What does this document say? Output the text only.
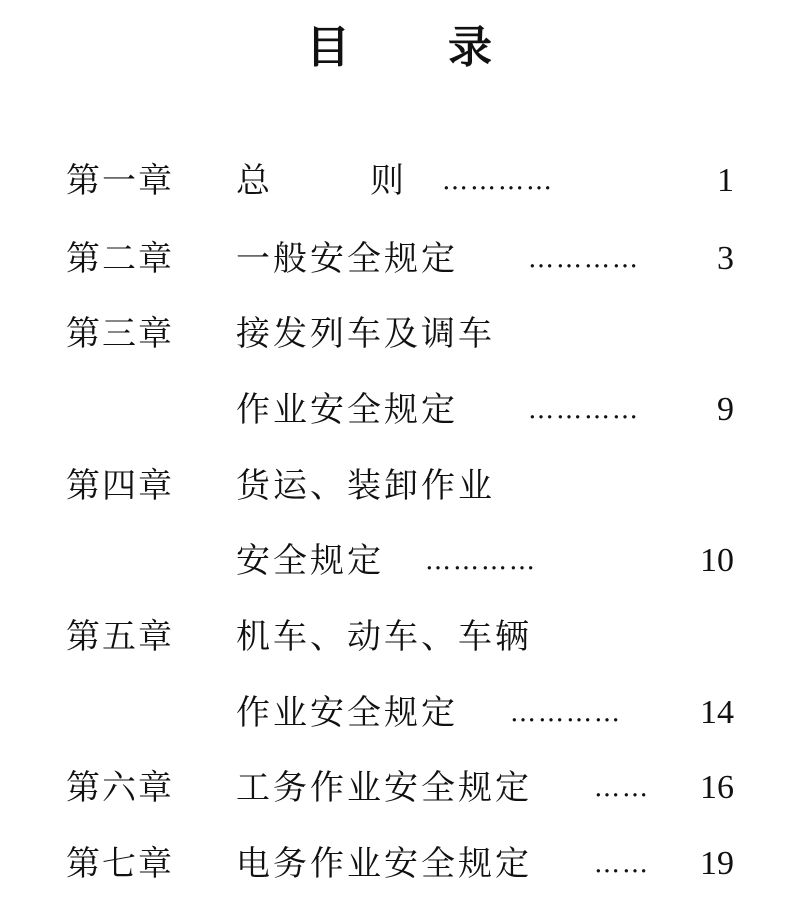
目 录
第一章 总	则 …………	1
第二章 一般安全规定	………… 3
第三章 接发列车及调车
作业安全规定	………… 9
第四章 货运、装卸作业
安全规定 …………	10
第五章 机车、动车、车辆
作业安全规定 ………… 14
第六章 工务作业安全规定 …… 16
第七章 电务作业安全规定 …… 19
